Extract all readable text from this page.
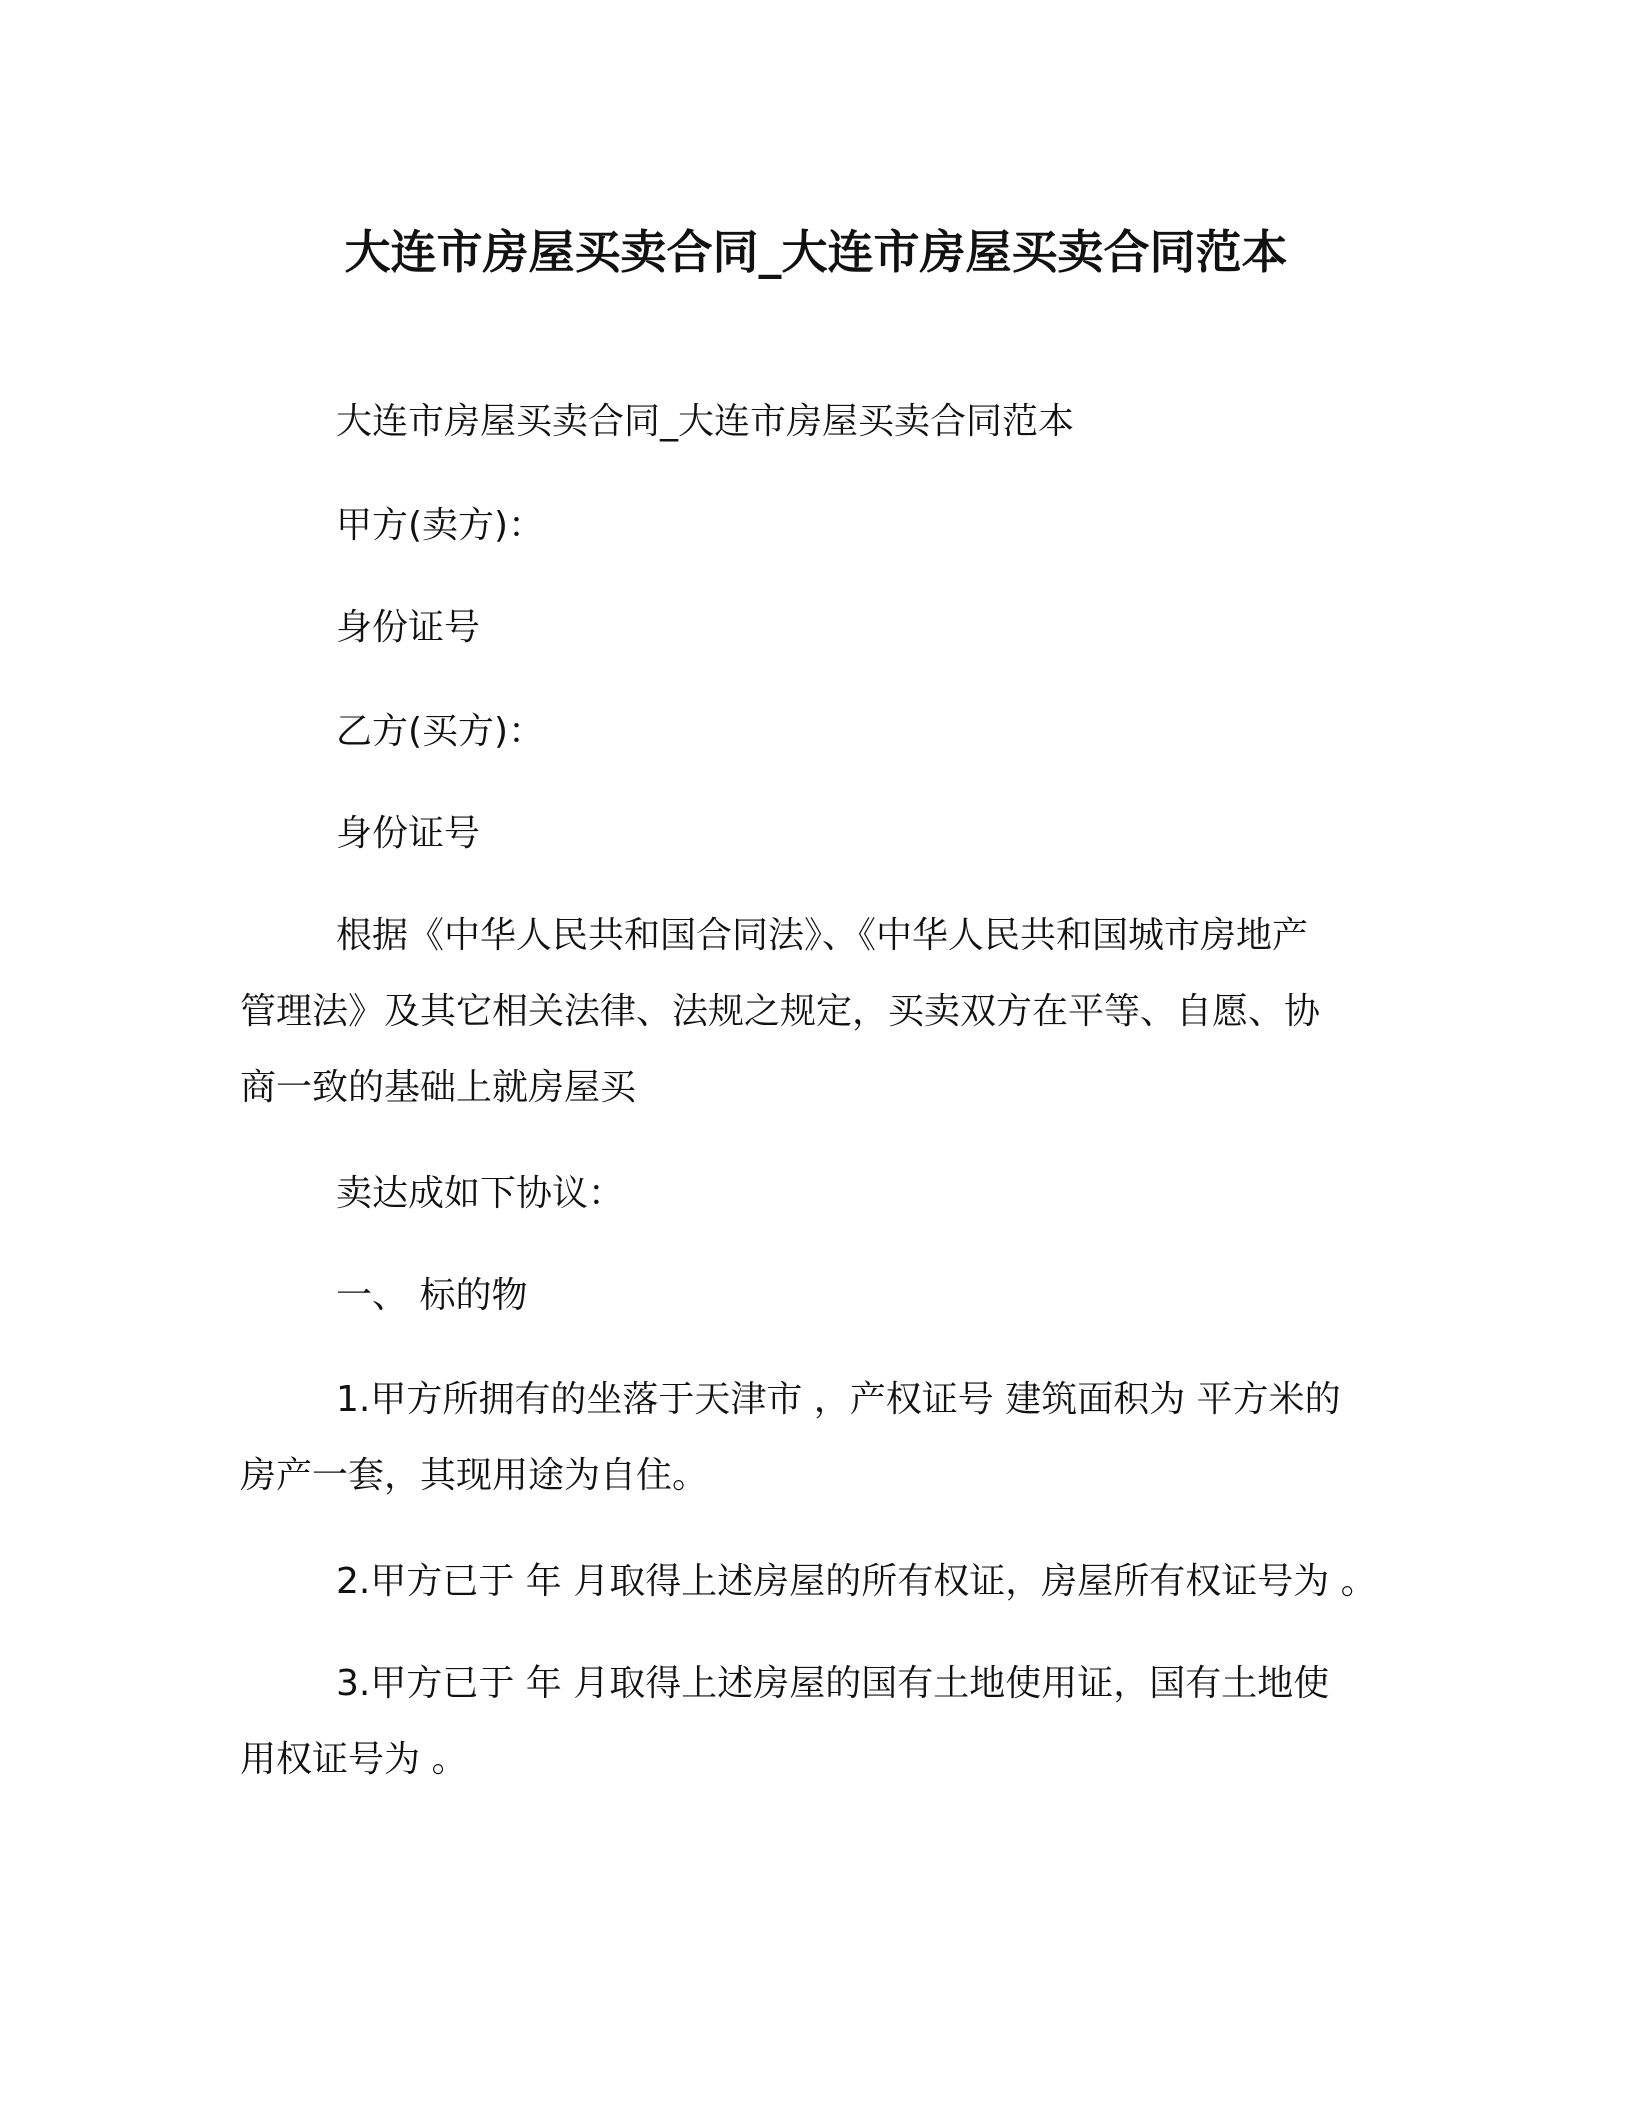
大连市房屋买卖合同_大连市房屋买卖合同范本
大连市房屋买卖合同_大连市房屋买卖合同范本
甲方(卖方)：
身份证号
乙方(买方)：
身份证号
根据《中华人民共和国合同法》、《中华人民共和国城市房地产
管理法》及其它相关法律、法规之规定，买卖双方在平等、自愿、协
商一致的基础上就房屋买
卖达成如下协议：
一、 标的物
1.甲方所拥有的坐落于天津市 ，产权证号 建筑面积为 平方米的
房产一套，其现用途为自住。
2.甲方已于 年 月取得上述房屋的所有权证，房屋所有权证号为 。
3.甲方已于 年 月取得上述房屋的国有土地使用证，国有土地使
用权证号为 。
